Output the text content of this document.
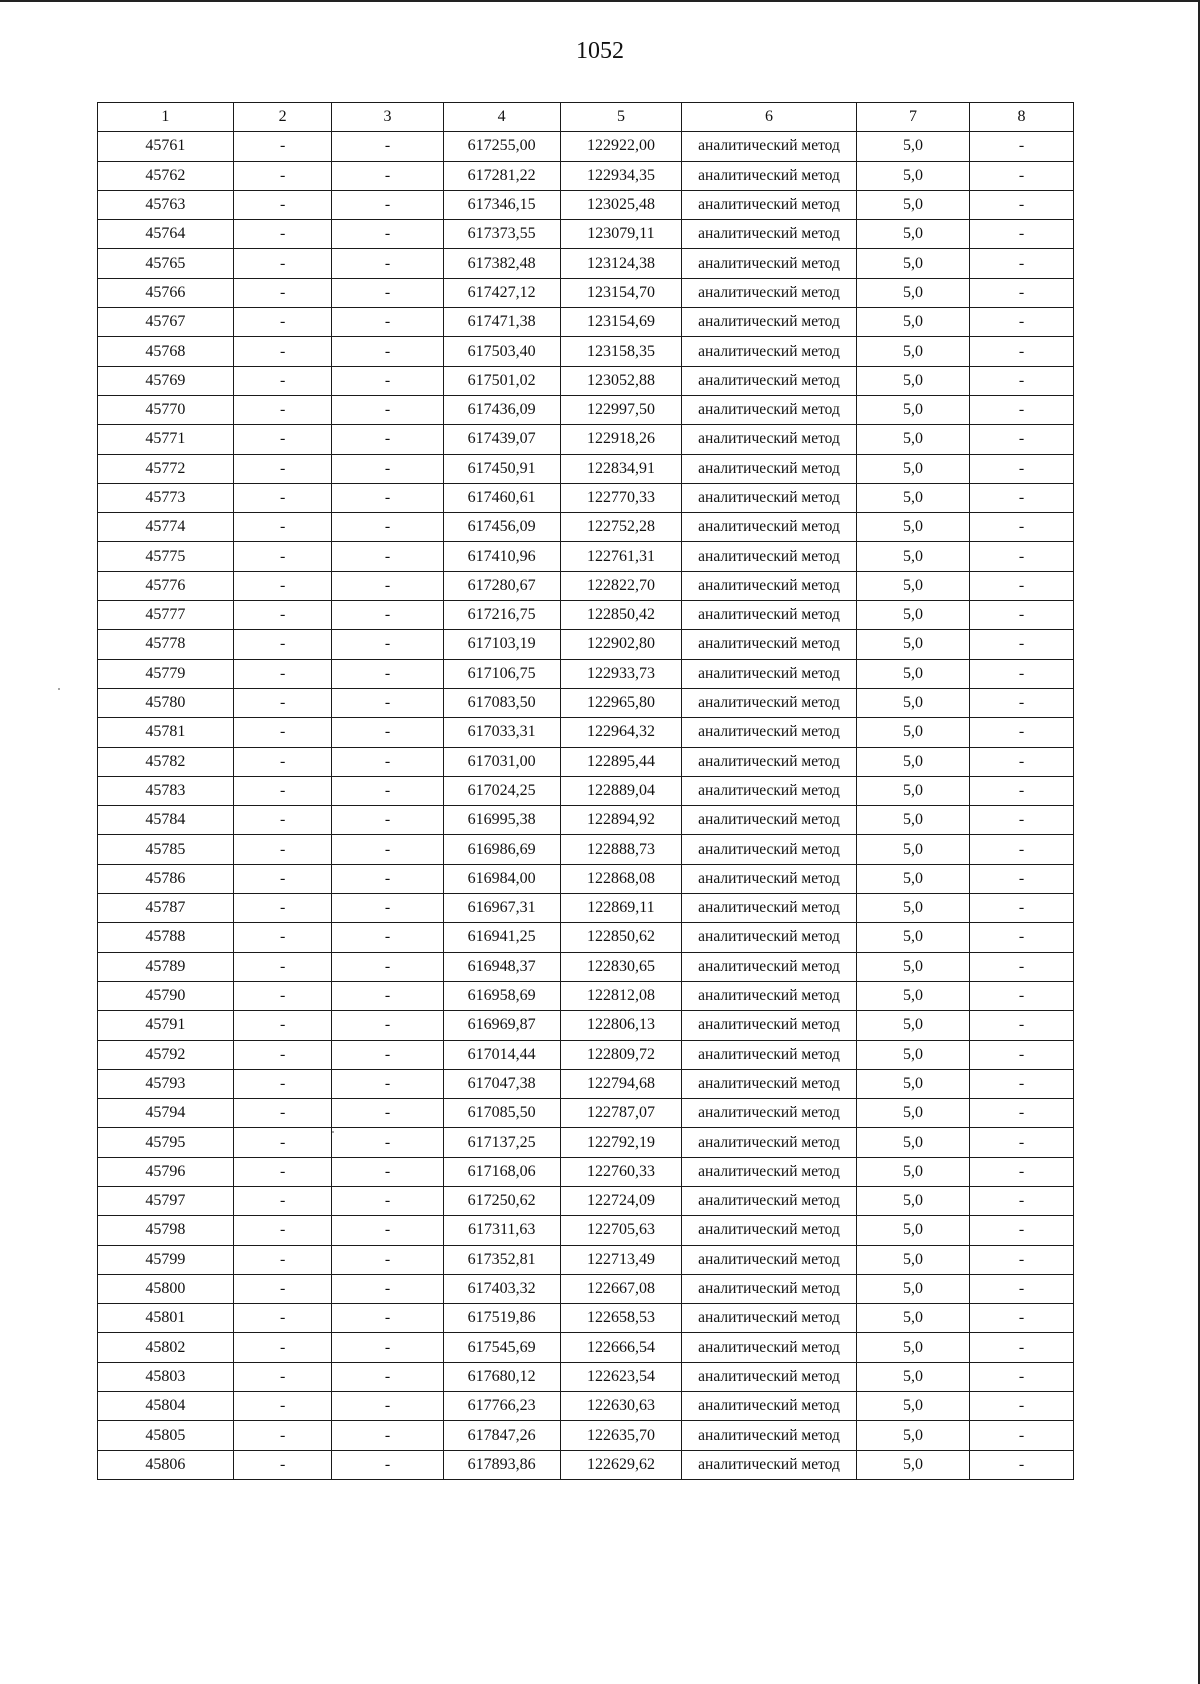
1052
1	2	3	4	5	6	7	8
45761	-	-	617255,00	122922,00	аналитический метод	5,0	-
45762	-	-	617281,22	122934,35	аналитический метод	5,0	-
45763	-	-	617346,15	123025,48	аналитический метод	5,0	-
45764	-	-	617373,55	123079,11	аналитический метод	5,0	-
45765	-	-	617382,48	123124,38	аналитический метод	5,0	-
45766	-	-	617427,12	123154,70	аналитический метод	5,0	-
45767	-	-	617471,38	123154,69	аналитический метод	5,0	-
45768	-	-	617503,40	123158,35	аналитический метод	5,0	-
45769	-	-	617501,02	123052,88	аналитический метод	5,0	-
45770	-	-	617436,09	122997,50	аналитический метод	5,0	-
45771	-	-	617439,07	122918,26	аналитический метод	5,0	-
45772	-	-	617450,91	122834,91	аналитический метод	5,0	-
45773	-	-	617460,61	122770,33	аналитический метод	5,0	-
45774	-	-	617456,09	122752,28	аналитический метод	5,0	-
45775	-	-	617410,96	122761,31	аналитический метод	5,0	-
45776	-	-	617280,67	122822,70	аналитический метод	5,0	-
45777	-	-	617216,75	122850,42	аналитический метод	5,0	-
45778	-	-	617103,19	122902,80	аналитический метод	5,0	-
45779	-	-	617106,75	122933,73	аналитический метод	5,0	-
45780	-	-	617083,50	122965,80	аналитический метод	5,0	-
45781	-	-	617033,31	122964,32	аналитический метод	5,0	-
45782	-	-	617031,00	122895,44	аналитический метод	5,0	-
45783	-	-	617024,25	122889,04	аналитический метод	5,0	-
45784	-	-	616995,38	122894,92	аналитический метод	5,0	-
45785	-	-	616986,69	122888,73	аналитический метод	5,0	-
45786	-	-	616984,00	122868,08	аналитический метод	5,0	-
45787	-	-	616967,31	122869,11	аналитический метод	5,0	-
45788	-	-	616941,25	122850,62	аналитический метод	5,0	-
45789	-	-	616948,37	122830,65	аналитический метод	5,0	-
45790	-	-	616958,69	122812,08	аналитический метод	5,0	-
45791	-	-	616969,87	122806,13	аналитический метод	5,0	-
45792	-	-	617014,44	122809,72	аналитический метод	5,0	-
45793	-	-	617047,38	122794,68	аналитический метод	5,0	-
45794	-	-	617085,50	122787,07	аналитический метод	5,0	-
45795	-	-	617137,25	122792,19	аналитический метод	5,0	-
45796	-	-	617168,06	122760,33	аналитический метод	5,0	-
45797	-	-	617250,62	122724,09	аналитический метод	5,0	-
45798	-	-	617311,63	122705,63	аналитический метод	5,0	-
45799	-	-	617352,81	122713,49	аналитический метод	5,0	-
45800	-	-	617403,32	122667,08	аналитический метод	5,0	-
45801	-	-	617519,86	122658,53	аналитический метод	5,0	-
45802	-	-	617545,69	122666,54	аналитический метод	5,0	-
45803	-	-	617680,12	122623,54	аналитический метод	5,0	-
45804	-	-	617766,23	122630,63	аналитический метод	5,0	-
45805	-	-	617847,26	122635,70	аналитический метод	5,0	-
45806	-	-	617893,86	122629,62	аналитический метод	5,0	-
